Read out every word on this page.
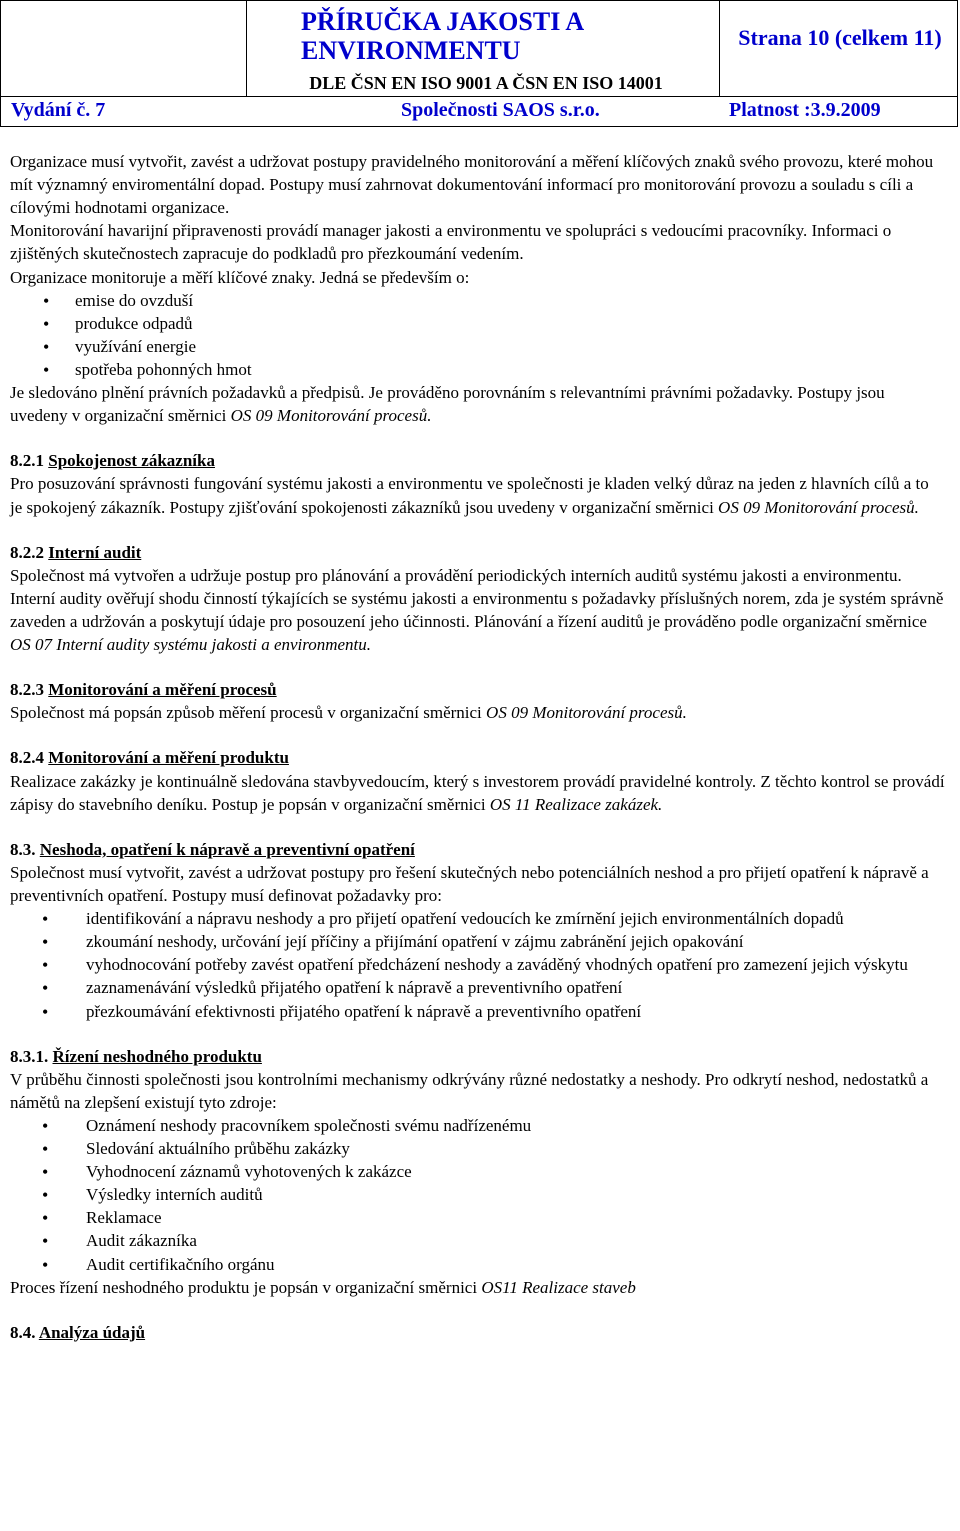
PŘÍRUČKA JAKOSTI A
ENVIRONMENTU
DLE ČSN EN ISO 9001 A ČSN EN ISO 14001
Strana 10 (celkem 11)
Vydání č. 7	Společnosti SAOS s.r.o.	Platnost :3.9.2009

Organizace musí vytvořit, zavést a udržovat postupy pravidelného monitorování a měření klíčových znaků svého provozu, které mohou mít významný enviromentální dopad. Postupy musí zahrnovat dokumentování informací pro monitorování provozu a souladu s cíli a cílovými hodnotami organizace.

Monitorování havarijní připravenosti provádí manager jakosti a environmentu ve spolupráci s vedoucími pracovníky. Informaci o zjištěných skutečnostech zapracuje do podkladů pro přezkoumání vedením.

Organizace monitoruje a měří klíčové znaky. Jedná se především o:

• emise do ovzduší
• produkce odpadů
• využívání energie
• spotřeba pohonných hmot

Je sledováno plnění právních požadavků a předpisů. Je prováděno porovnáním s relevantními právními požadavky. Postupy jsou uvedeny v organizační směrnici OS 09 Monitorování procesů.

8.2.1 Spokojenost zákazníka

Pro posuzování správnosti fungování systému jakosti a environmentu ve společnosti je kladen velký důraz na jeden z hlavních cílů a to je spokojený zákazník. Postupy zjišťování spokojenosti zákazníků jsou uvedeny v organizační směrnici OS 09 Monitorování procesů.

8.2.2 Interní audit

Společnost má vytvořen a udržuje postup pro plánování a provádění periodických interních auditů systému jakosti a environmentu. Interní audity ověřují shodu činností týkajících se systému jakosti a environmentu s požadavky příslušných norem, zda je systém správně zaveden a udržován a poskytují údaje pro posouzení jeho účinnosti. Plánování a řízení auditů je prováděno podle organizační směrnice OS 07 Interní audity systému jakosti a environmentu.

8.2.3 Monitorování a měření procesů

Společnost má popsán způsob měření procesů v organizační směrnici OS 09 Monitorování procesů.

8.2.4 Monitorování a měření produktu

Realizace zakázky je kontinuálně sledována stavbyvedoucím, který s investorem provádí pravidelné kontroly. Z těchto kontrol se provádí zápisy do stavebního deníku. Postup je popsán v organizační směrnici OS 11 Realizace zakázek.

8.3. Neshoda, opatření k nápravě a preventivní opatření

Společnost musí vytvořit, zavést a udržovat postupy pro řešení skutečných nebo potenciálních neshod a pro přijetí opatření k nápravě a preventivních opatření. Postupy musí definovat požadavky pro:

• identifikování a nápravu neshody a pro přijetí opatření vedoucích ke zmírnění jejich environmentálních dopadů
• zkoumání neshody, určování její příčiny a přijímání opatření v zájmu zabránění jejich opakování
• vyhodnocování potřeby zavést opatření předcházení neshody a zaváděný vhodných opatření pro zamezení jejich výskytu
• zaznamenávání výsledků přijatého opatření k nápravě a preventivního opatření
• přezkoumávání efektivnosti přijatého opatření k nápravě a preventivního opatření

8.3.1. Řízení neshodného produktu

V průběhu činnosti společnosti jsou kontrolními mechanismy odkrývány různé nedostatky a neshody. Pro odkrytí neshod, nedostatků a námětů na zlepšení existují tyto zdroje:

• Oznámení neshody pracovníkem společnosti svému nadřízenému
• Sledování aktuálního průběhu zakázky
• Vyhodnocení záznamů vyhotovených k zakázce
• Výsledky interních auditů
• Reklamace
• Audit zákazníka
• Audit certifikačního orgánu

Proces řízení neshodného produktu je popsán v organizační směrnici OS11 Realizace staveb

8.4. Analýza údajů
